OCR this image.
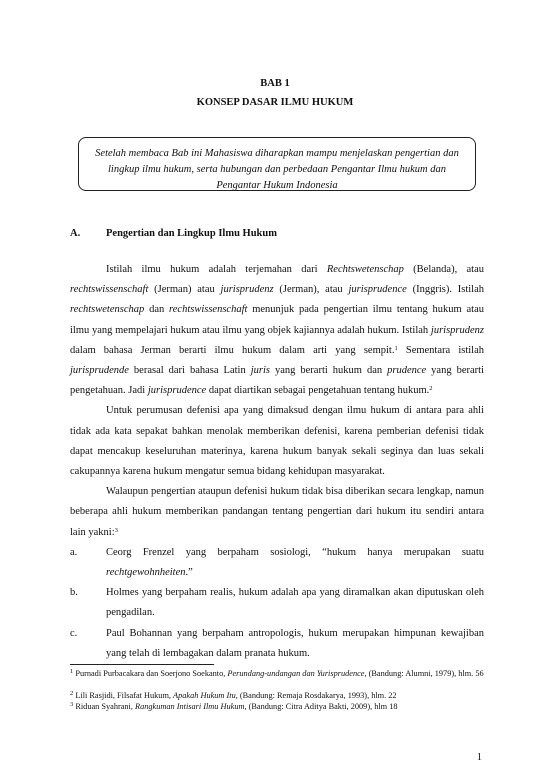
BAB 1
KONSEP DASAR ILMU HUKUM
Setelah membaca Bab ini Mahasiswa diharapkan mampu menjelaskan pengertian dan lingkup ilmu hukum, serta hubungan dan perbedaan Pengantar Ilmu hukum dan Pengantar Hukum Indonesia
A. Pengertian dan Lingkup Ilmu Hukum

Istilah ilmu hukum adalah terjemahan dari Rechtswetenschap (Belanda), atau rechtswissenschaft (Jerman) atau jurisprudenz (Jerman), atau jurisprudence (Inggris). Istilah rechtswetenschap dan rechtswissenschaft menunjuk pada pengertian ilmu tentang hukum atau ilmu yang mempelajari hukum atau ilmu yang objek kajiannya adalah hukum. Istilah jurisprudenz dalam bahasa Jerman berarti ilmu hukum dalam arti yang sempit.$^1$ Sementara istilah jurisprudende berasal dari bahasa Latin juris yang berarti hukum dan prudence yang berarti pengetahuan. Jadi jurisprudence dapat diartikan sebagai pengetahuan tentang hukum.$^2$

Untuk perumusan defenisi apa yang dimaksud dengan ilmu hukum di antara para ahli tidak ada kata sepakat bahkan menolak memberikan defenisi, karena pemberian defenisi tidak dapat mencakup keseluruhan materinya, karena hukum banyak sekali seginya dan luas sekali cakupannya karena hukum mengatur semua bidang kehidupan masyarakat.

Walaupun pengertian ataupun defenisi hukum tidak bisa diberikan secara lengkap, namun beberapa ahli hukum memberikan pandangan tentang pengertian dari hukum itu sendiri antara lain yakni:$^3$

a.	Ceorg Frenzel yang berpaham sosiologi, “hukum hanya merupakan suatu rechtgewohnheiten.”
b.	Holmes yang berpaham realis, hukum adalah apa yang diramalkan akan diputuskan oleh pengadilan.
c.	Paul Bohannan yang berpaham antropologis, hukum merupakan himpunan kewajiban yang telah di lembagakan dalam pranata hukum.
$^1$ Purnadi Purbacakara dan Soerjono Soekanto, Perundang-undangan dan Yurisprudence, (Bandung: Alumni, 1979), hlm. 56
$^2$ Lili Rasjidi, Filsafat Hukum, Apakah Hukum Itu, (Bandung: Remaja Rosdakarya, 1993), hlm. 22
$^3$ Riduan Syahrani, Rangkuman Intisari Ilmu Hukum, (Bandung: Citra Aditya Bakti, 2009), hlm 18
1
